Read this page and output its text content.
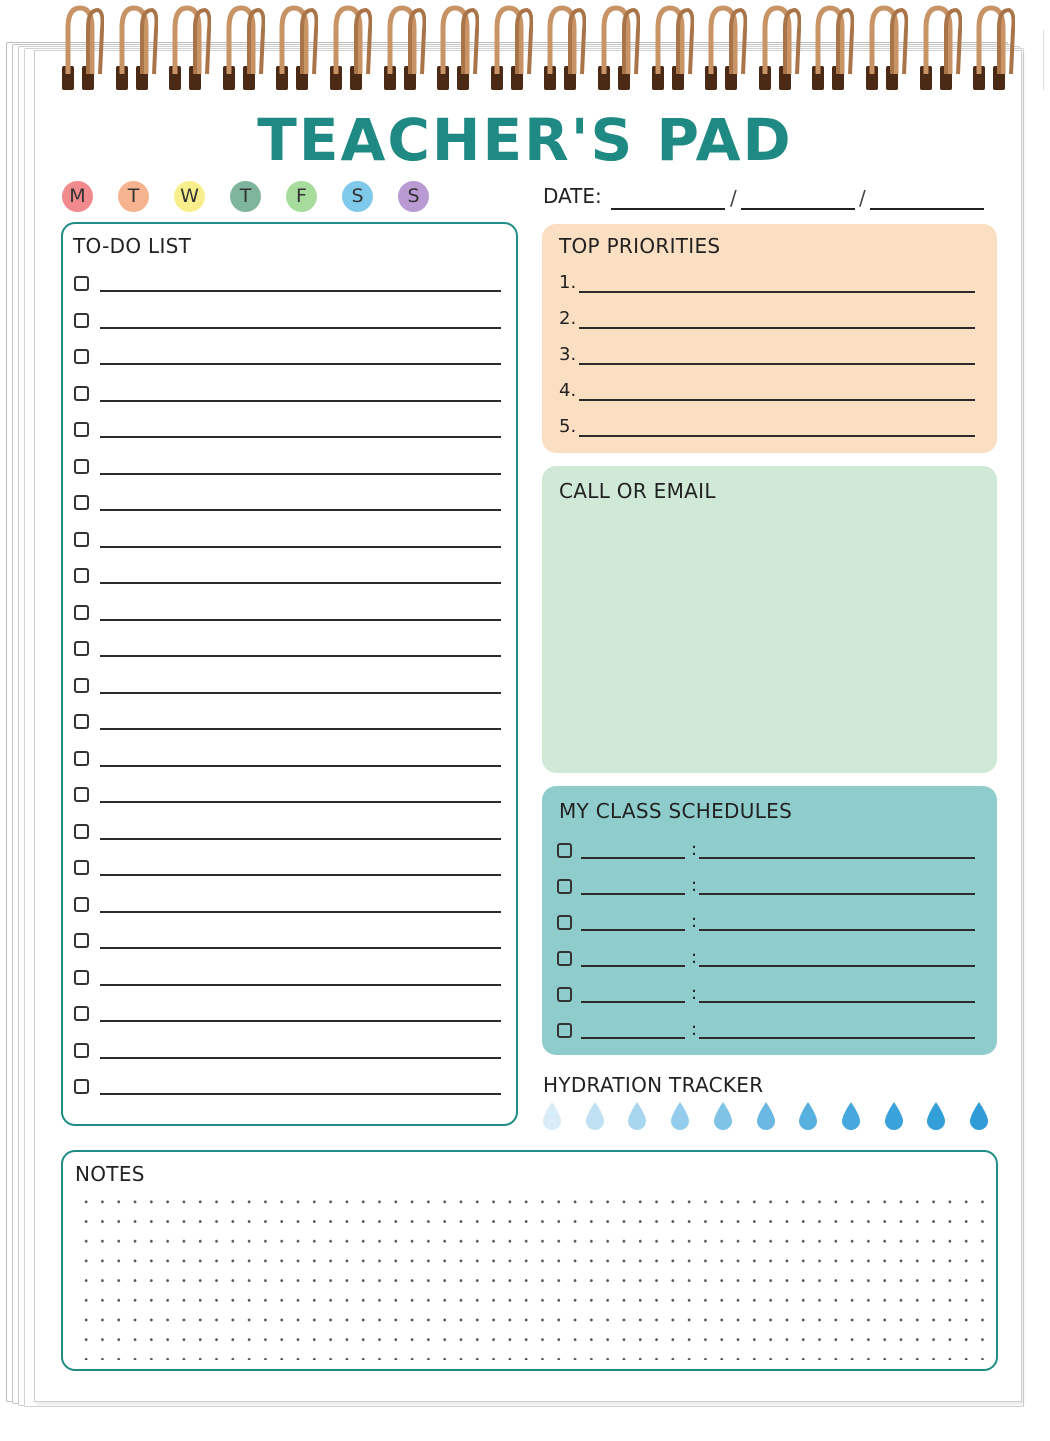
TEACHER'S PAD
M	T	W	T	F	S	S	DATE:	/	/
TO-DO LIST	TOP PRIORITIES
CALL OR EMAIL
MY CLASS SCHEDULES
HYDRATION TRACKER
NOTES
1.
2.
3.
4.
5.
:
:
:
:
:
:
